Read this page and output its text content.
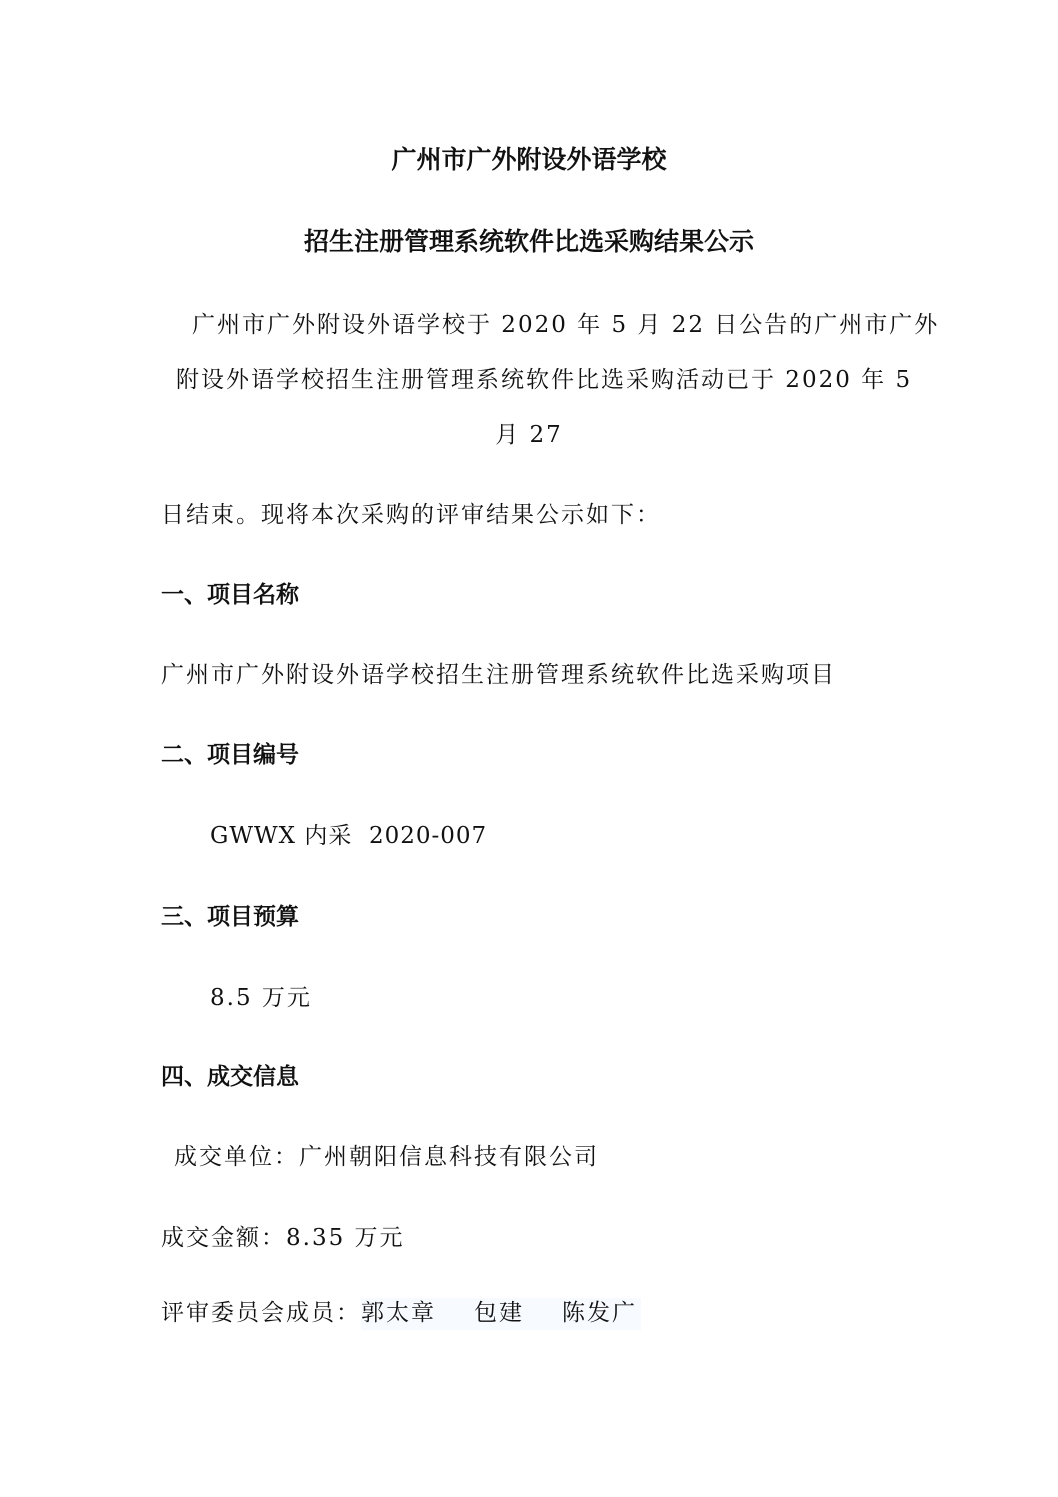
广州市广外附设外语学校
招生注册管理系统软件比选采购结果公示
广州市广外附设外语学校于 2020 年 5 月 22 日公告的广州市广外
附设外语学校招生注册管理系统软件比选采购活动已于 2020 年 5
月 27
日结束。现将本次采购的评审结果公示如下：
一、项目名称
广州市广外附设外语学校招生注册管理系统软件比选采购项目
二、项目编号
GWWX 内采  2020-007
三、项目预算
8.5 万元
四、成交信息
成交单位：广州朝阳信息科技有限公司
成交金额：8.35 万元
评审委员会成员：郭太章 包建 陈发广
